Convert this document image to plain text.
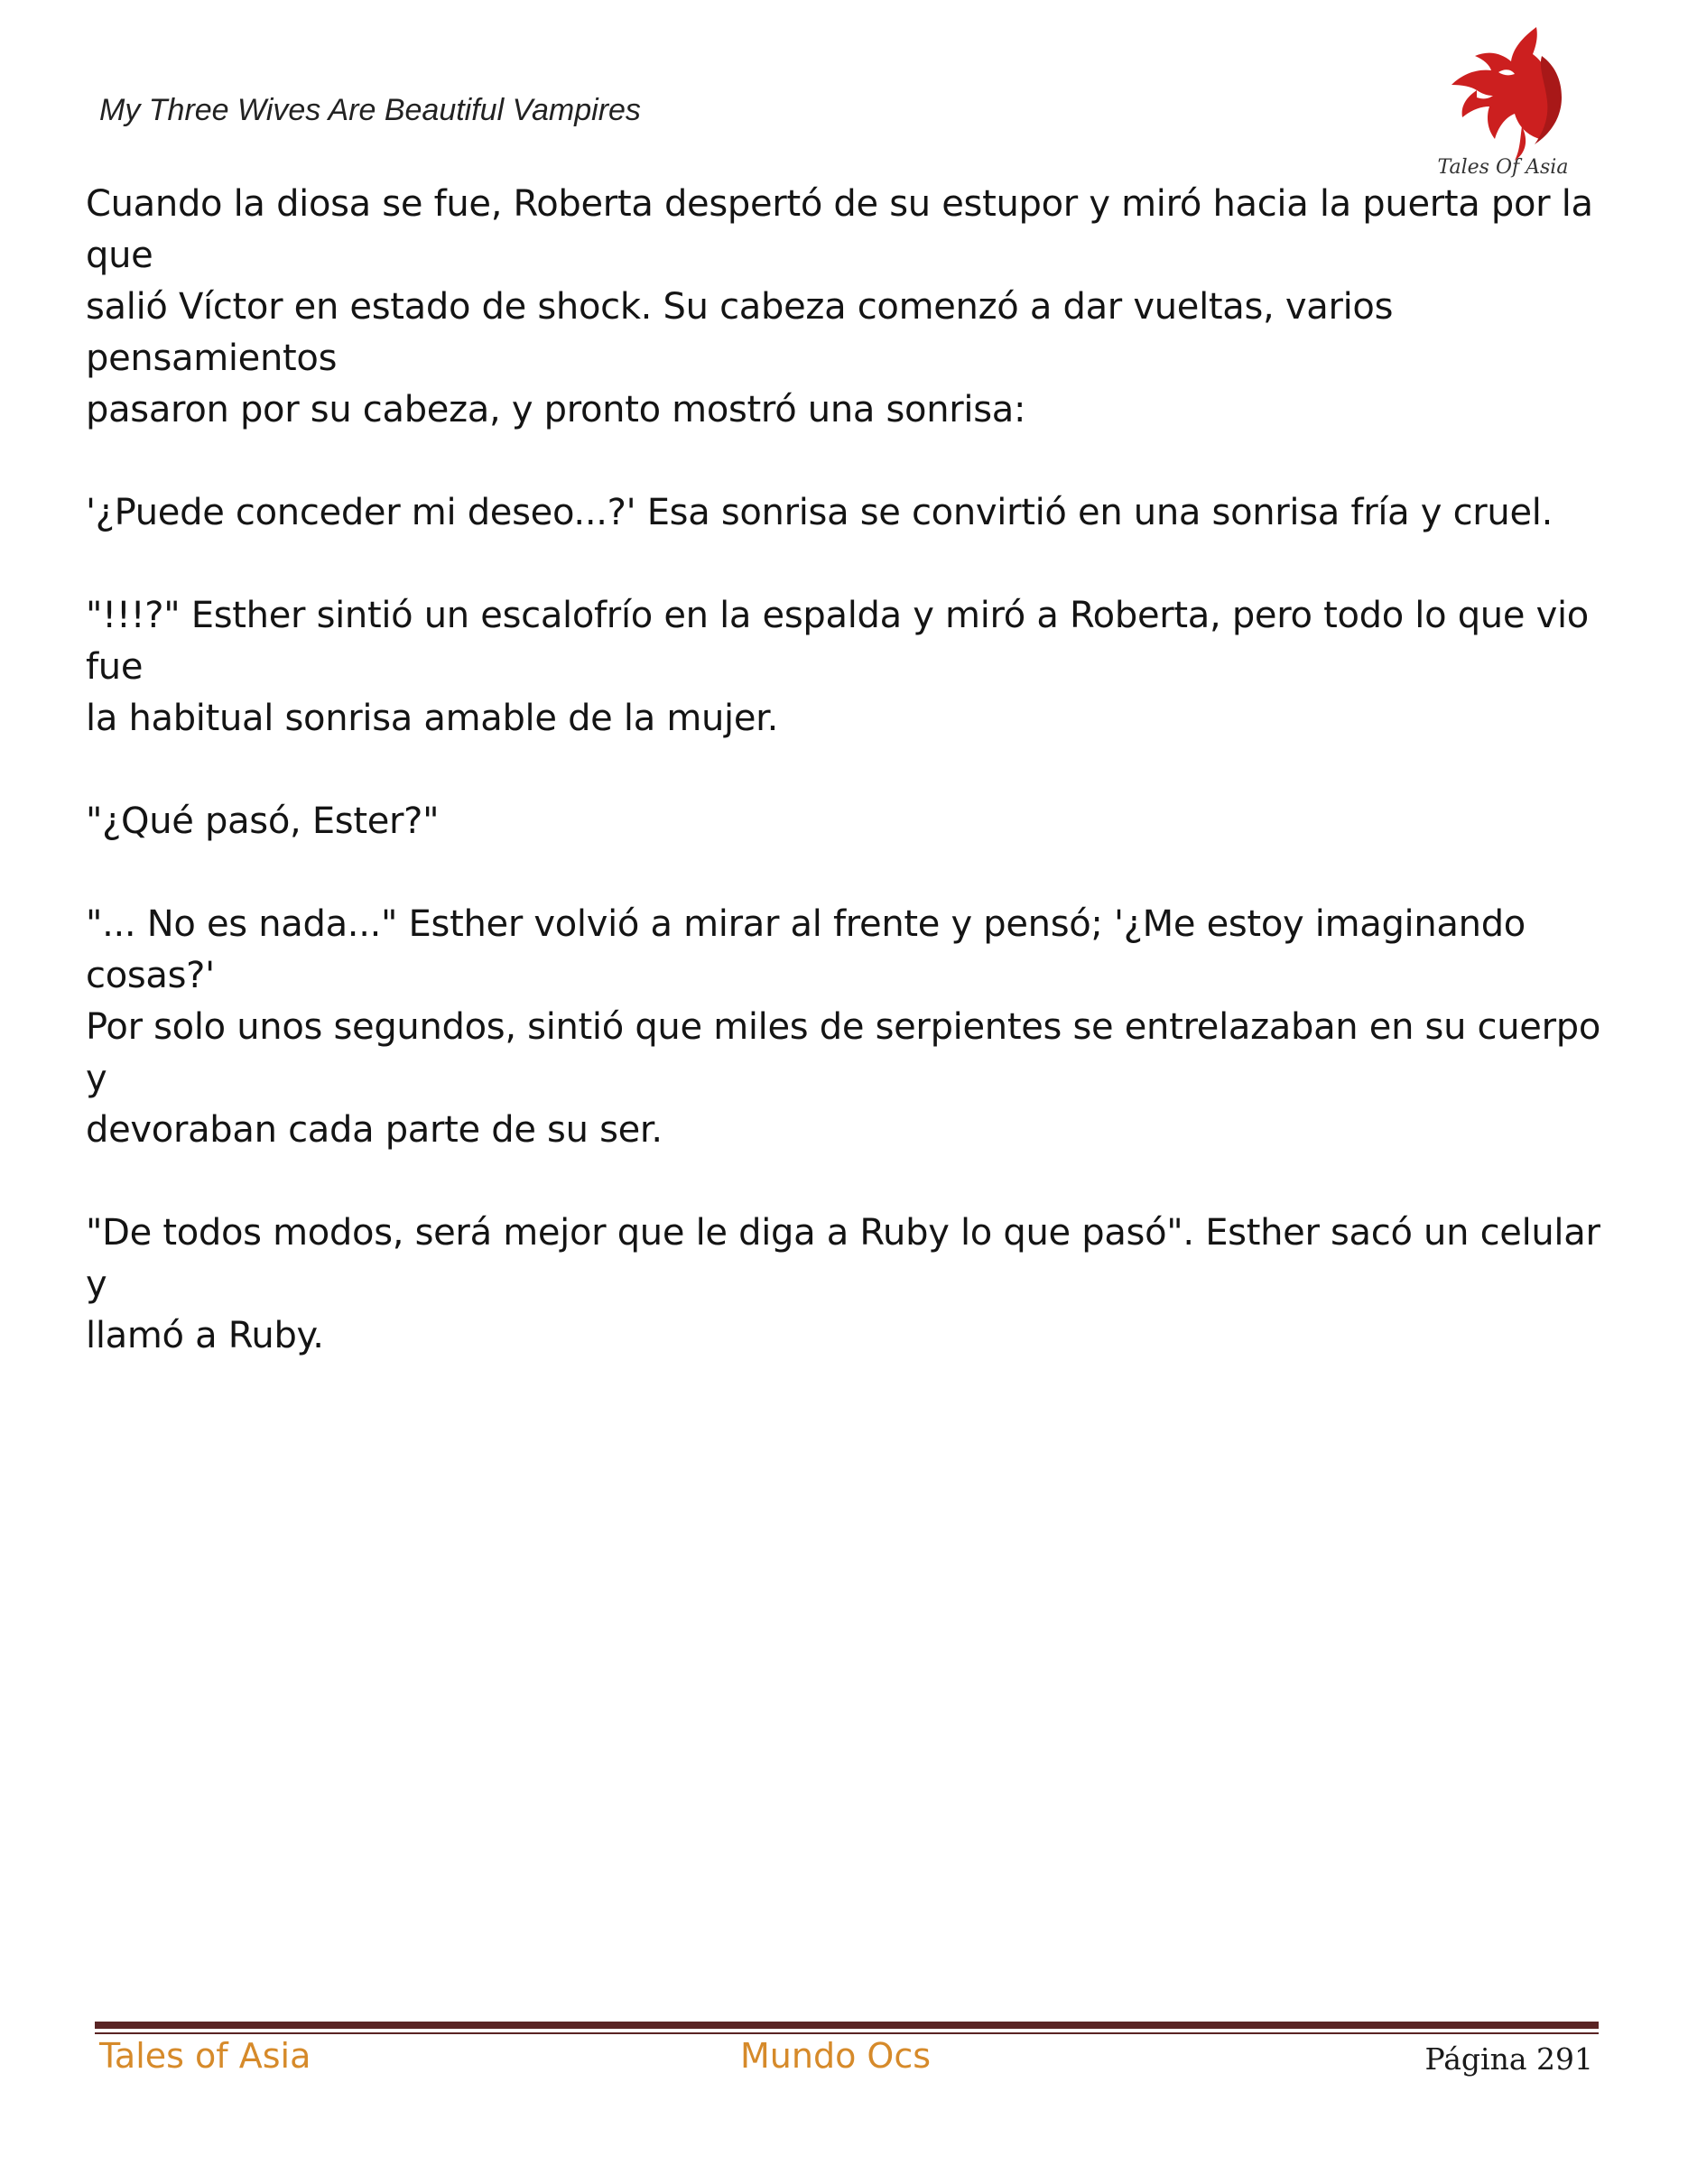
My Three Wives Are Beautiful Vampires
Tales Of Asia

Cuando la diosa se fue, Roberta despertó de su estupor y miró hacia la puerta por la que
salió Víctor en estado de shock. Su cabeza comenzó a dar vueltas, varios pensamientos
pasaron por su cabeza, y pronto mostró una sonrisa:

'¿Puede conceder mi deseo...?' Esa sonrisa se convirtió en una sonrisa fría y cruel.

"!!!?" Esther sintió un escalofrío en la espalda y miró a Roberta, pero todo lo que vio fue
la habitual sonrisa amable de la mujer.

"¿Qué pasó, Ester?"

"... No es nada..." Esther volvió a mirar al frente y pensó; '¿Me estoy imaginando cosas?'
Por solo unos segundos, sintió que miles de serpientes se entrelazaban en su cuerpo y
devoraban cada parte de su ser.

"De todos modos, será mejor que le diga a Ruby lo que pasó". Esther sacó un celular y
llamó a Ruby.

Tales of Asia	Mundo Ocs	Página 291
